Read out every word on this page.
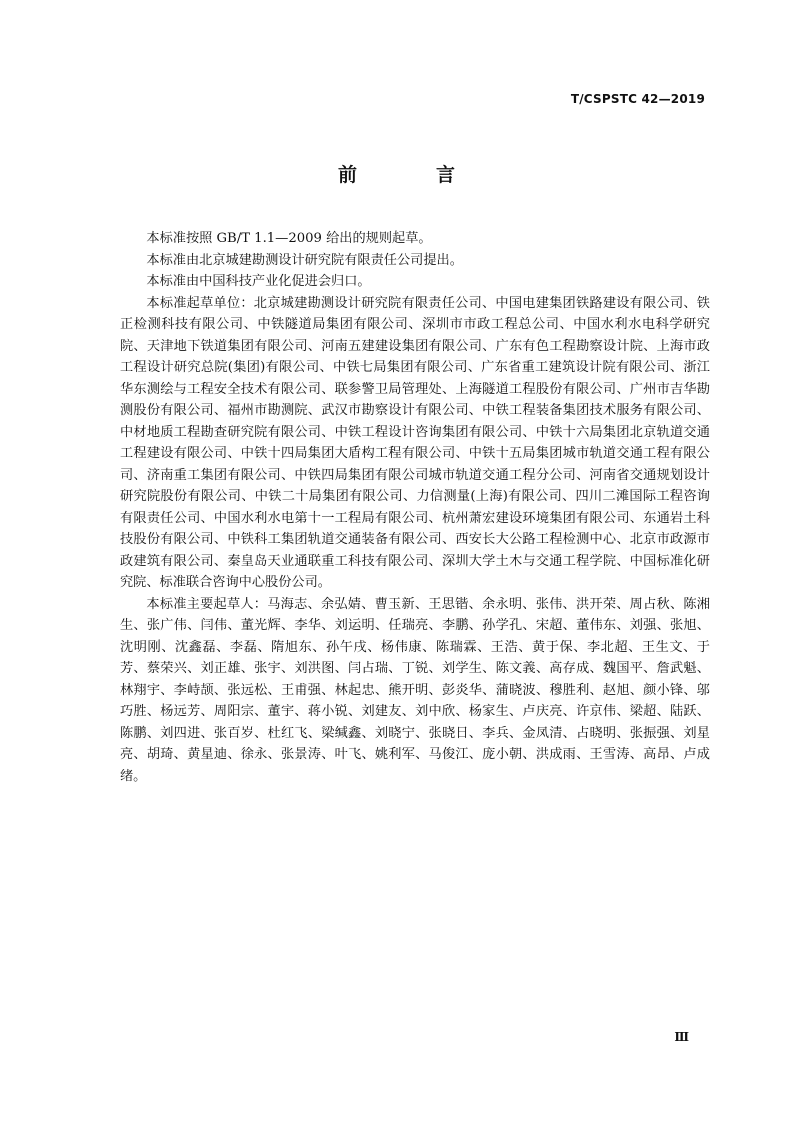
T/CSPSTC 42—2019
前　言

本标准按照 GB/T 1.1—2009 给出的规则起草。

本标准由北京城建勘测设计研究院有限责任公司提出。

本标准由中国科技产业化促进会归口。

本标准起草单位：北京城建勘测设计研究院有限责任公司、中国电建集团铁路建设有限公司、铁正检测科技有限公司、中铁隧道局集团有限公司、深圳市市政工程总公司、中国水利水电科学研究院、天津地下铁道集团有限公司、河南五建建设集团有限公司、广东有色工程勘察设计院、上海市政工程设计研究总院(集团)有限公司、中铁七局集团有限公司、广东省重工建筑设计院有限公司、浙江华东测绘与工程安全技术有限公司、联参警卫局管理处、上海隧道工程股份有限公司、广州市吉华勘测股份有限公司、福州市勘测院、武汉市勘察设计有限公司、中铁工程装备集团技术服务有限公司、中材地质工程勘查研究院有限公司、中铁工程设计咨询集团有限公司、中铁十六局集团北京轨道交通工程建设有限公司、中铁十四局集团大盾构工程有限公司、中铁十五局集团城市轨道交通工程有限公司、济南重工集团有限公司、中铁四局集团有限公司城市轨道交通工程分公司、河南省交通规划设计研究院股份有限公司、中铁二十局集团有限公司、力信测量(上海)有限公司、四川二滩国际工程咨询有限责任公司、中国水利水电第十一工程局有限公司、杭州萧宏建设环境集团有限公司、东通岩土科技股份有限公司、中铁科工集团轨道交通装备有限公司、西安长大公路工程检测中心、北京市政源市政建筑有限公司、秦皇岛天业通联重工科技有限公司、深圳大学土木与交通工程学院、中国标准化研究院、标准联合咨询中心股份公司。

本标准主要起草人：马海志、余弘婧、曹玉新、王思锴、余永明、张伟、洪开荣、周占秋、陈湘生、张广伟、闫伟、董光辉、李华、刘运明、任瑞亮、李鹏、孙学孔、宋超、董伟东、刘强、张旭、沈明刚、沈鑫磊、李磊、隋旭东、孙午戌、杨伟康、陈瑞霖、王浩、黄于保、李北超、王生文、于芳、蔡荣兴、刘正雄、张宇、刘洪图、闫占瑞、丁锐、刘学生、陈文義、高存成、魏国平、詹武魁、林翔宇、李峙颉、张远松、王甫强、林起忠、熊开明、彭炎华、蒲晓波、穆胜利、赵旭、颜小锋、邬巧胜、杨远芳、周阳宗、董宇、蒋小锐、刘建友、刘中欣、杨家生、卢庆亮、许京伟、梁超、陆跃、陈鹏、刘四进、张百岁、杜红飞、梁缄鑫、刘晓宁、张晓日、李兵、金凤清、占晓明、张振强、刘星亮、胡琦、黄星迪、徐永、张景涛、叶飞、姚利军、马俊江、庞小朝、洪成雨、王雪涛、高昂、卢成绪。

Ⅲ
